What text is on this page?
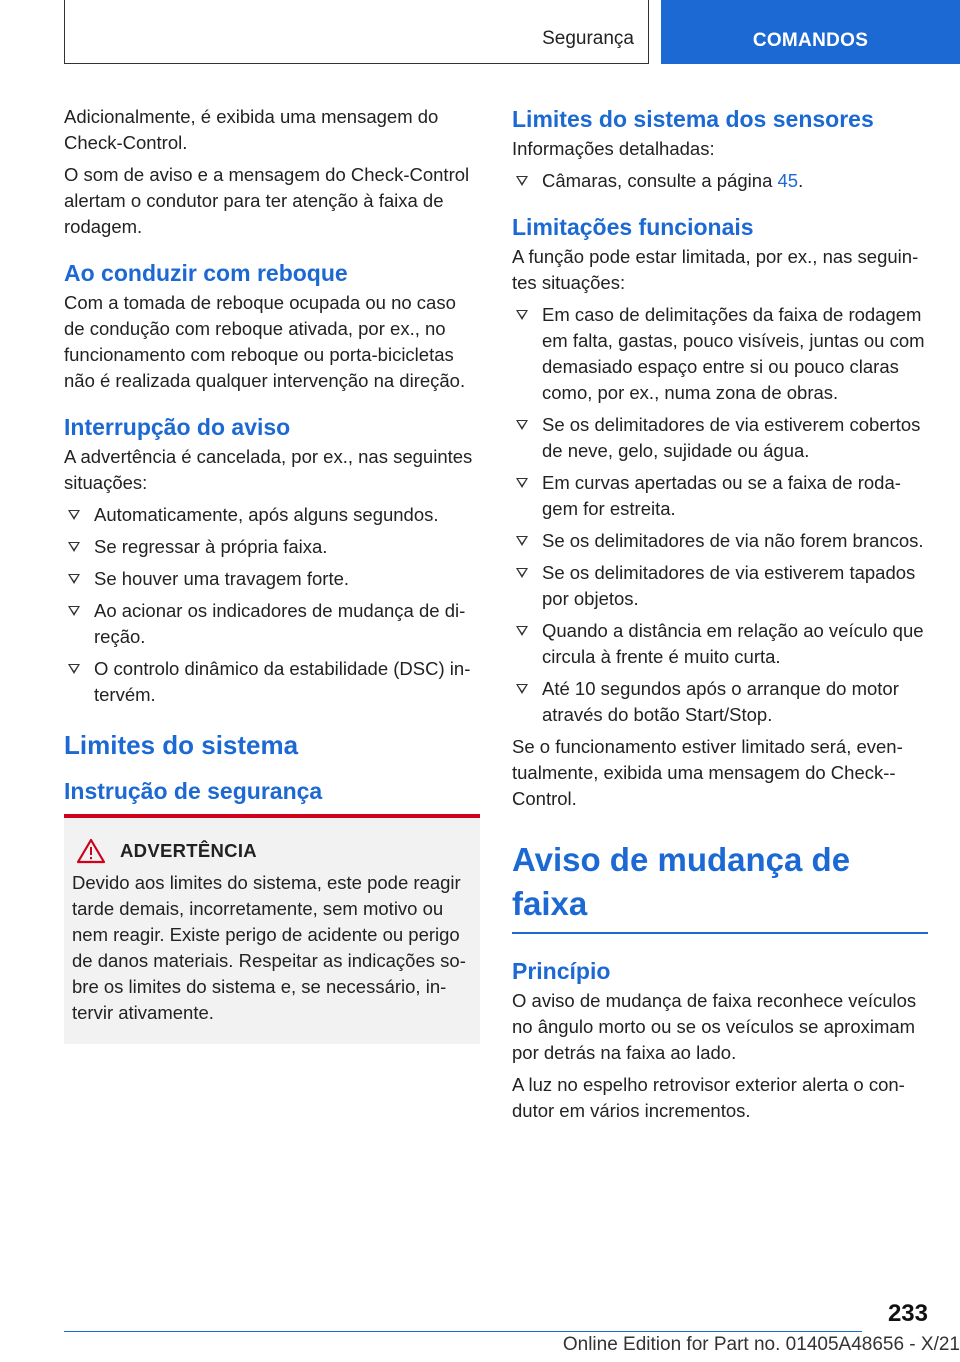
Segurança	COMANDOS

Adicionalmente, é exibida uma mensagem do Check-Control.

O som de aviso e a mensagem do Check-Control alertam o condutor para ter atenção à faixa de rodagem.

Ao conduzir com reboque

Com a tomada de reboque ocupada ou no caso de condução com reboque ativada, por ex., no funcionamento com reboque ou porta-bicicletas não é realizada qualquer intervenção na direção.

Interrupção do aviso

A advertência é cancelada, por ex., nas seguintes situações:

Automaticamente, após alguns segundos.
Se regressar à própria faixa.
Se houver uma travagem forte.
Ao acionar os indicadores de mudança de direção.
O controlo dinâmico da estabilidade (DSC) intervém.
Limites do sistema
Instrução de segurança
ADVERTÊNCIA

Devido aos limites do sistema, este pode reagir tarde demais, incorretamente, sem motivo ou nem reagir. Existe perigo de acidente ou perigo de danos materiais. Respeitar as indicações sobre os limites do sistema e, se necessário, intervir ativamente.

Limites do sistema dos sensores

Informações detalhadas:

Câmaras, consulte a página 45.
Limitações funcionais

A função pode estar limitada, por ex., nas seguintes situações:

Em caso de delimitações da faixa de rodagem em falta, gastas, pouco visíveis, juntas ou com demasiado espaço entre si ou pouco claras como, por ex., numa zona de obras.
Se os delimitadores de via estiverem cobertos de neve, gelo, sujidade ou água.
Em curvas apertadas ou se a faixa de rodagem for estreita.
Se os delimitadores de via não forem brancos.
Se os delimitadores de via estiverem tapados por objetos.
Quando a distância em relação ao veículo que circula à frente é muito curta.
Até 10 segundos após o arranque do motor através do botão Start/Stop.

Se o funcionamento estiver limitado será, eventualmente, exibida uma mensagem do Check-Control.

Aviso de mudança de faixa
Princípio

O aviso de mudança de faixa reconhece veículos no ângulo morto ou se os veículos se aproximam por detrás na faixa ao lado.

A luz no espelho retrovisor exterior alerta o condutor em vários incrementos.

233
Online Edition for Part no. 01405A48656 - X/21
